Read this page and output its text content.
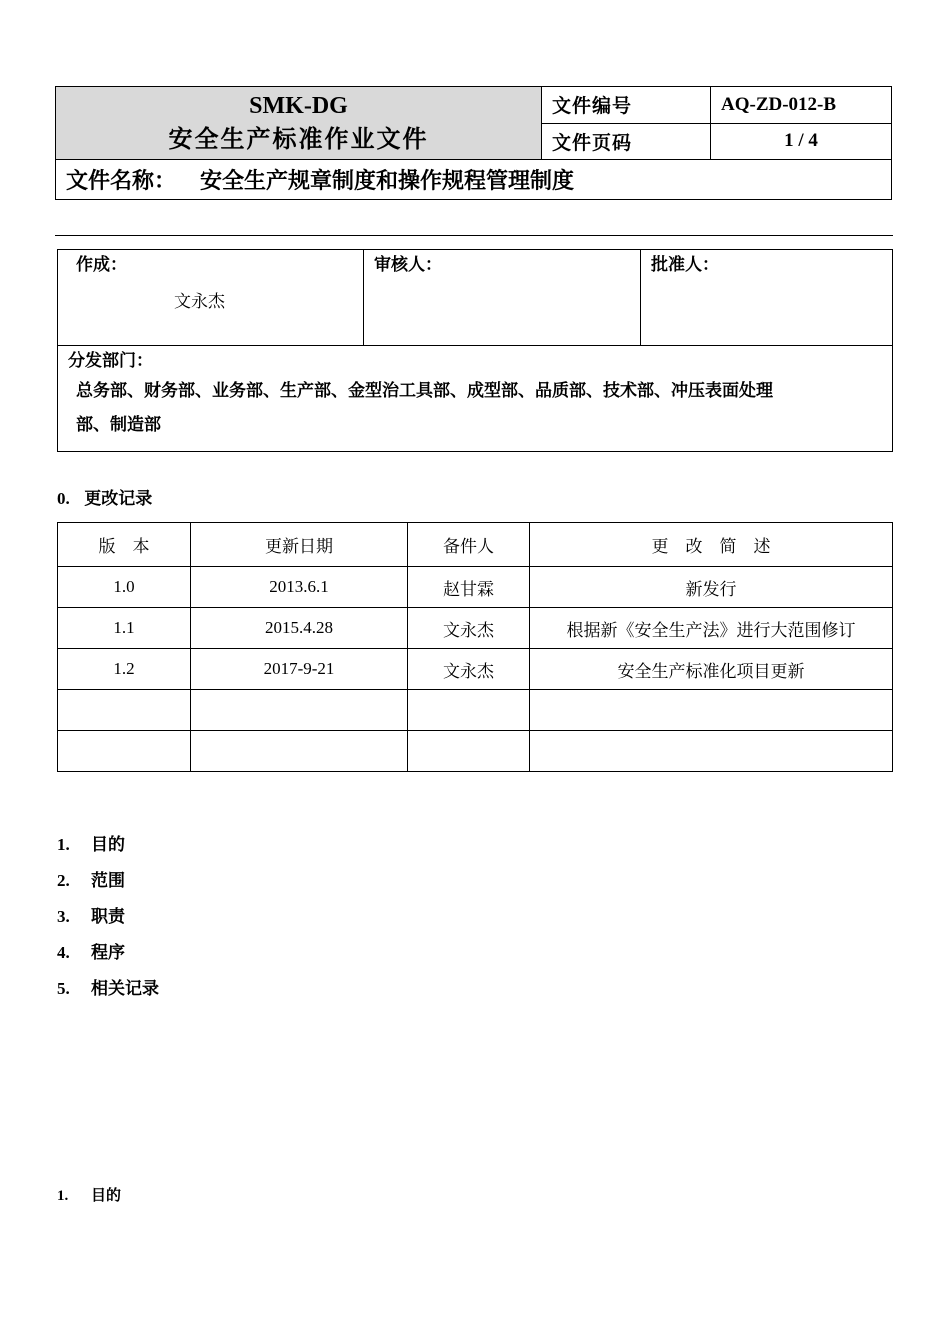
SMK-DG
安全生产标准作业文件	文件编号	AQ-ZD-012-B
	文件页码	1 / 4
文件名称： 安全生产规章制度和操作规程管理制度		
作成：
文永杰

审核人：	批准人：

分发部门：
总务部、财务部、业务部、生产部、金型治工具部、成型部、品质部、技术部、冲压表面处理
部、制造部
0. 更改记录
版　本	更新日期	备件人	更　改　简　述
1.0	2013.6.1	赵甘霖	新发行
1.1	2015.4.28	文永杰	根据新《安全生产法》进行大范围修订
1.2	2017-9-21	文永杰	安全生产标准化项目更新

1. 目的
2. 范围
3. 职责
4. 程序
5. 相关记录
1. 目的
